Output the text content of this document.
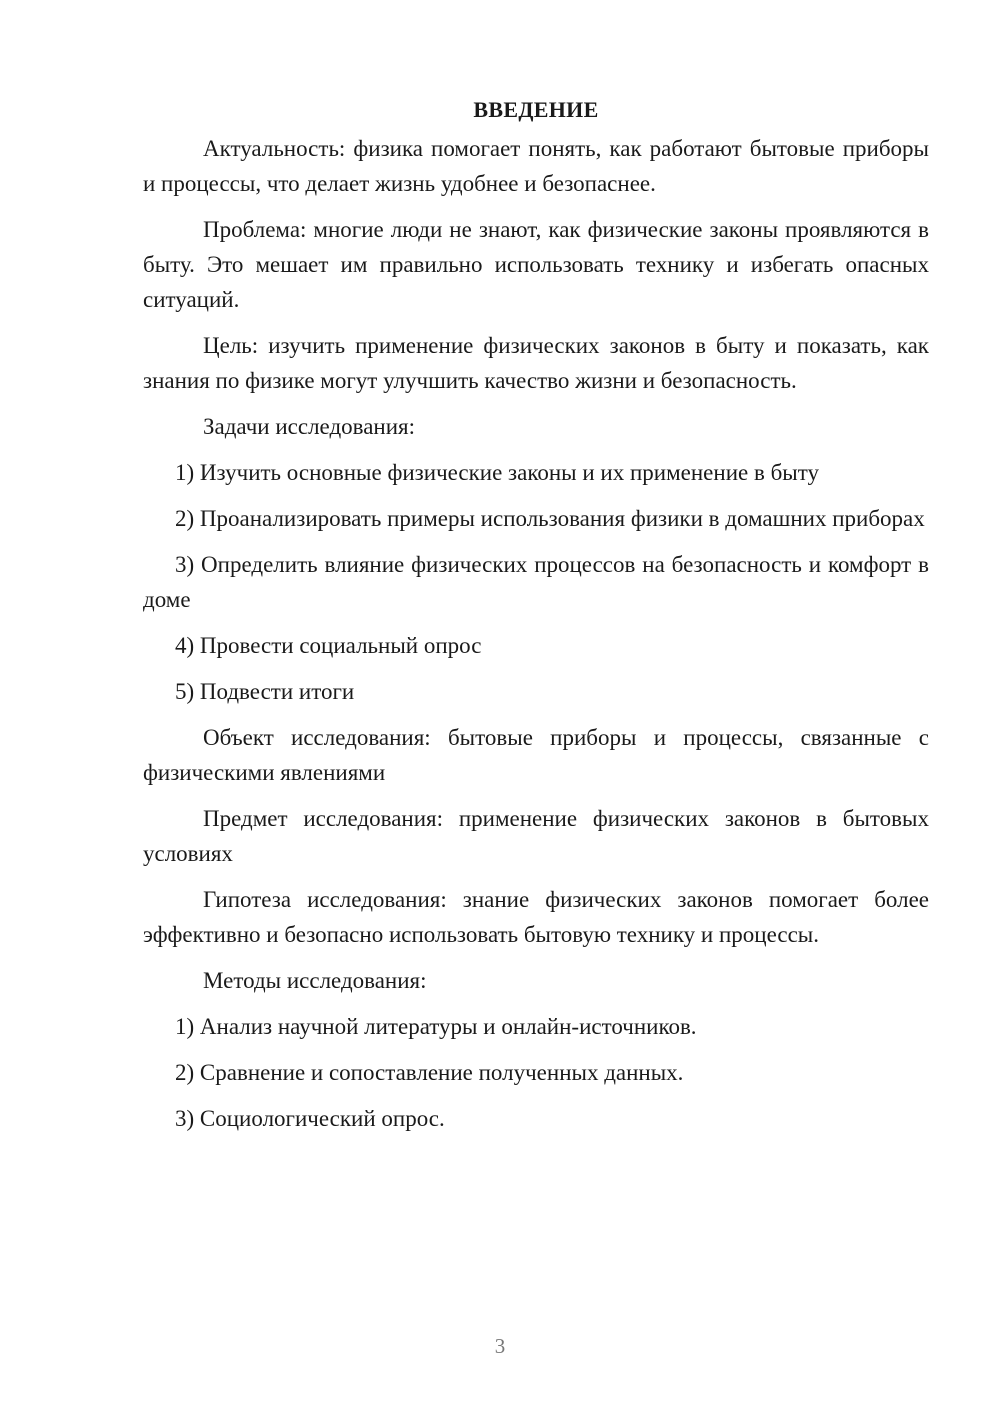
ВВЕДЕНИЕ

Актуальность: физика помогает понять, как работают бытовые приборы и процессы, что делает жизнь удобнее и безопаснее.

Проблема: многие люди не знают, как физические законы проявляются в быту. Это мешает им правильно использовать технику и избегать опасных ситуаций.

Цель: изучить применение физических законов в быту и показать, как знания по физике могут улучшить качество жизни и безопасность.

Задачи исследования:

1) Изучить основные физические законы и их применение в быту

2) Проанализировать примеры использования физики в домашних приборах

3) Определить влияние физических процессов на безопасность и комфорт в доме

4) Провести социальный опрос

5) Подвести итоги

Объект исследования: бытовые приборы и процессы, связанные с физическими явлениями

Предмет исследования: применение физических законов в бытовых условиях

Гипотеза исследования: знание физических законов помогает более эффективно и безопасно использовать бытовую технику и процессы.

Методы исследования:

1) Анализ научной литературы и онлайн-источников.

2) Сравнение и сопоставление полученных данных.

3) Социологический опрос.

3
